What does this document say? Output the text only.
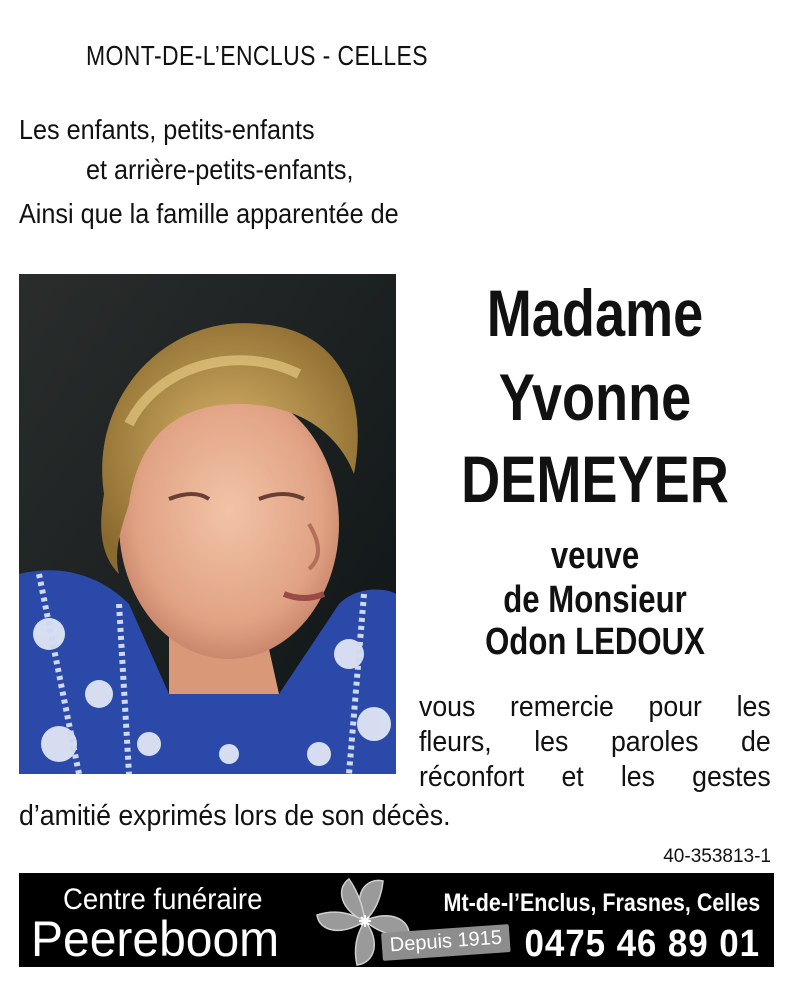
MONT-DE-L’ENCLUS - CELLES
Les enfants, petits-enfants
et arrière-petits-enfants,
Ainsi que la famille apparentée de
Madame
Yvonne
DEMEYER
veuve
de Monsieur
Odon LEDOUX
vous remercie pour les
fleurs, les paroles de
réconfort et les gestes
d’amitié exprimés lors de son décès.
40-353813-1
Centre funéraire
Peereboom	Depuis 1915
Mt-de-l’Enclus, Frasnes, Celles
0475 46 89 01
